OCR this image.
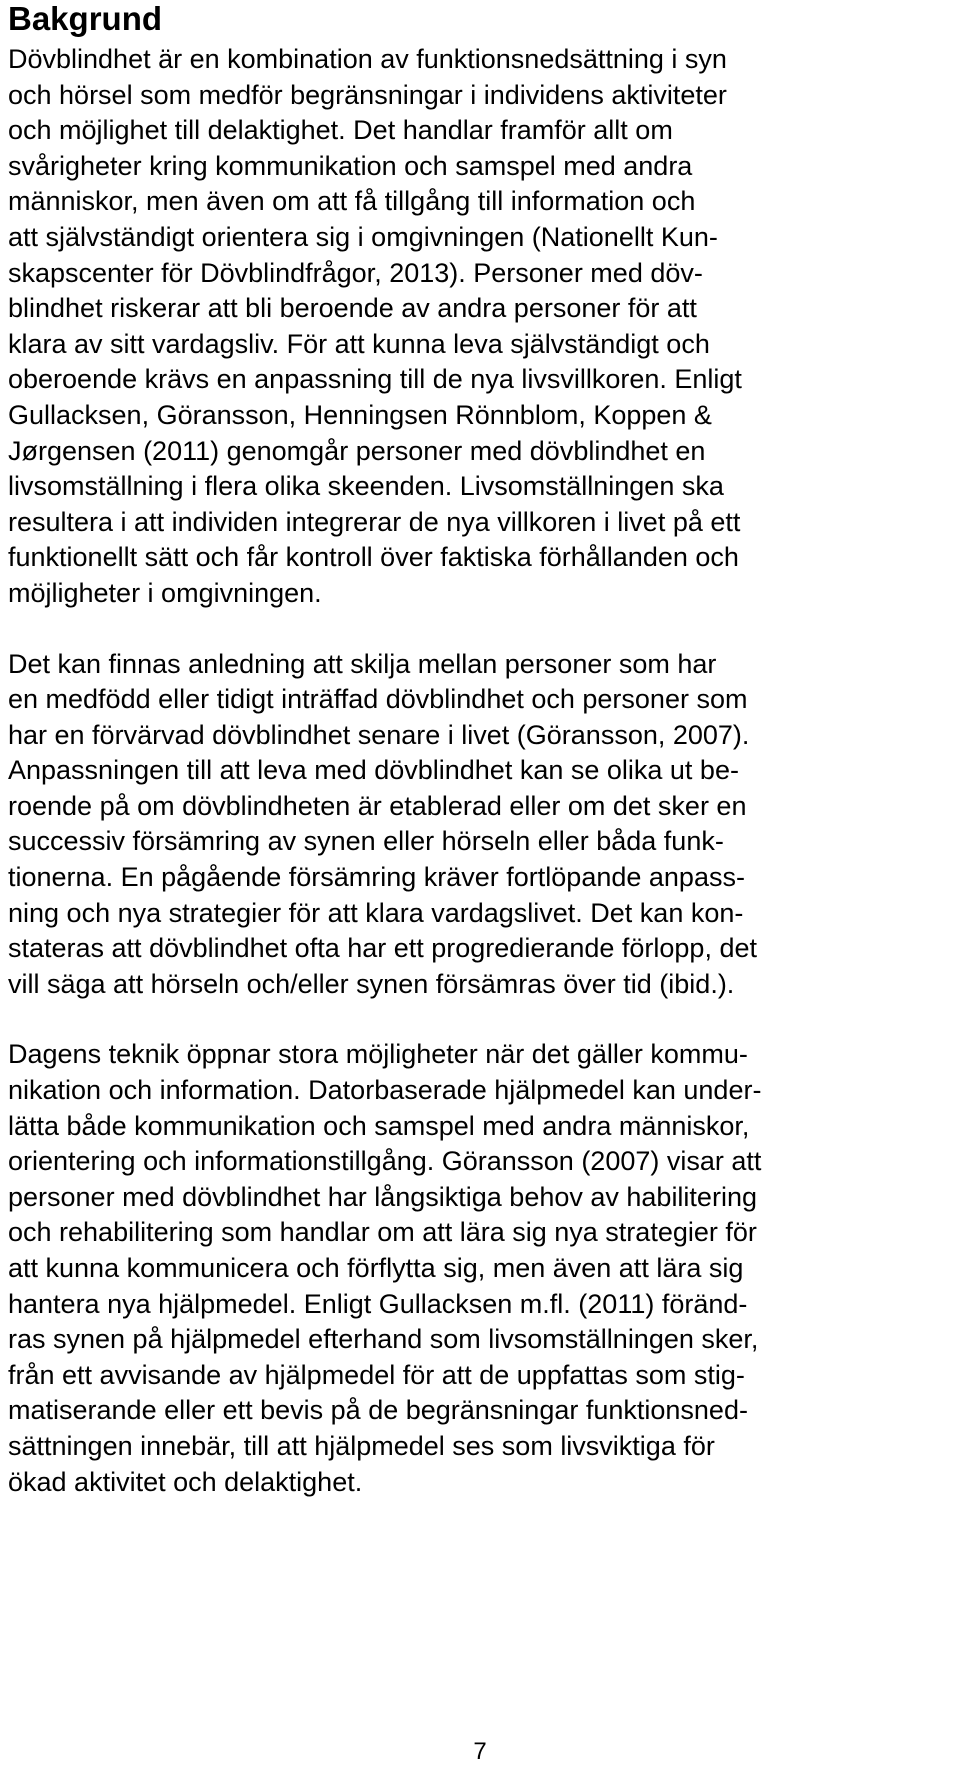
Bakgrund

Dövblindhet är en kombination av funktionsnedsättning i syn
och hörsel som medför begränsningar i individens aktiviteter
och möjlighet till delaktighet. Det handlar framför allt om
svårigheter kring kommunikation och samspel med andra
människor, men även om att få tillgång till information och
att självständigt orientera sig i omgivningen (Nationellt Kun-
skapscenter för Dövblindfrågor, 2013). Personer med döv-
blindhet riskerar att bli beroende av andra personer för att
klara av sitt vardagsliv. För att kunna leva självständigt och
oberoende krävs en anpassning till de nya livsvillkoren. Enligt
Gullacksen, Göransson, Henningsen Rönnblom, Koppen &
Jørgensen (2011) genomgår personer med dövblindhet en
livsomställning i flera olika skeenden. Livsomställningen ska
resultera i att individen integrerar de nya villkoren i livet på ett
funktionellt sätt och får kontroll över faktiska förhållanden och
möjligheter i omgivningen.

Det kan finnas anledning att skilja mellan personer som har
en medfödd eller tidigt inträffad dövblindhet och personer som
har en förvärvad dövblindhet senare i livet (Göransson, 2007).
Anpassningen till att leva med dövblindhet kan se olika ut be-
roende på om dövblindheten är etablerad eller om det sker en
successiv försämring av synen eller hörseln eller båda funk-
tionerna. En pågående försämring kräver fortlöpande anpass-
ning och nya strategier för att klara vardagslivet. Det kan kon-
stateras att dövblindhet ofta har ett progredierande förlopp, det
vill säga att hörseln och/eller synen försämras över tid (ibid.).

Dagens teknik öppnar stora möjligheter när det gäller kommu-
nikation och information. Datorbaserade hjälpmedel kan under-
lätta både kommunikation och samspel med andra människor,
orientering och informationstillgång. Göransson (2007) visar att
personer med dövblindhet har långsiktiga behov av habilitering
och rehabilitering som handlar om att lära sig nya strategier för
att kunna kommunicera och förflytta sig, men även att lära sig
hantera nya hjälpmedel. Enligt Gullacksen m.fl. (2011) föränd-
ras synen på hjälpmedel efterhand som livsomställningen sker,
från ett avvisande av hjälpmedel för att de uppfattas som stig-
matiserande eller ett bevis på de begränsningar funktionsned-
sättningen innebär, till att hjälpmedel ses som livsviktiga för
ökad aktivitet och delaktighet.

7
